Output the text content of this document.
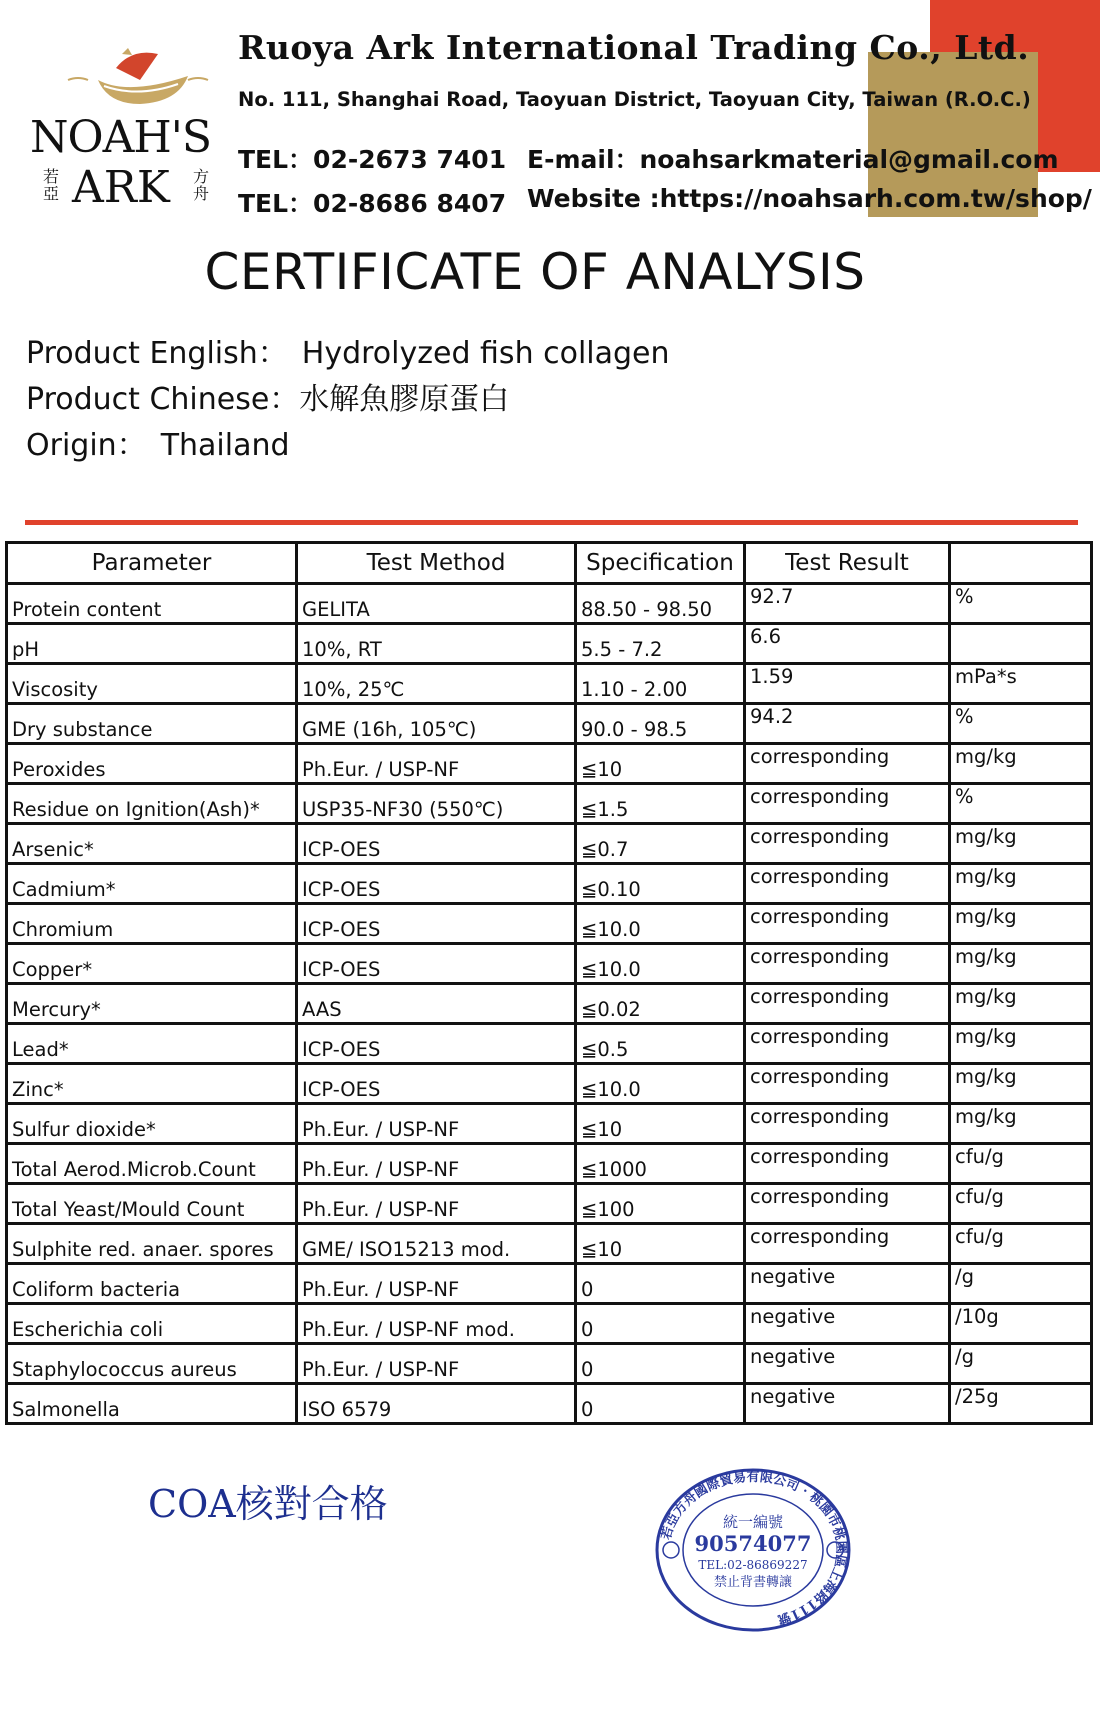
NOAH'S
ARK
若亞
方舟
Ruoya Ark International Trading Co., Ltd.
No. 111, Shanghai Road, Taoyuan District, Taoyuan City, Taiwan (R.O.C.)
TEL：02-2673 7401
TEL：02-8686 8407
E-mail：noahsarkmaterial@gmail.com
Website :https://noahsarh.com.tw/shop/
CERTIFICATE OF ANALYSIS
Product English： Hydrolyzed fish collagen
Product Chinese：水解魚膠原蛋白
Origin： Thailand
Parameter	Test Method	Specification	Test Result	

Protein content	GELITA	88.50 - 98.50	92.7	%

pH	10%, RT	5.5 - 7.2	6.6	

Viscosity	10%, 25℃	1.10 - 2.00	1.59	mPa*s

Dry substance	GME (16h, 105℃)	90.0 - 98.5	94.2	%

Peroxides	Ph.Eur. / USP-NF	≦10	corresponding	mg/kg

Residue on Ignition(Ash)*	USP35-NF30 (550℃)	≦1.5	corresponding	%

Arsenic*	ICP-OES	≦0.7	corresponding	mg/kg

Cadmium*	ICP-OES	≦0.10	corresponding	mg/kg

Chromium	ICP-OES	≦10.0	corresponding	mg/kg

Copper*	ICP-OES	≦10.0	corresponding	mg/kg

Mercury*	AAS	≦0.02	corresponding	mg/kg

Lead*	ICP-OES	≦0.5	corresponding	mg/kg

Zinc*	ICP-OES	≦10.0	corresponding	mg/kg

Sulfur dioxide*	Ph.Eur. / USP-NF	≦10	corresponding	mg/kg

Total Aerod.Microb.Count	Ph.Eur. / USP-NF	≦1000	corresponding	cfu/g

Total Yeast/Mould Count	Ph.Eur. / USP-NF	≦100	corresponding	cfu/g

Sulphite red. anaer. spores	GME/ ISO15213 mod.	≦10	corresponding	cfu/g

Coliform bacteria	Ph.Eur. / USP-NF	0	negative	/g

Escherichia coli	Ph.Eur. / USP-NF mod.	0	negative	/10g

Staphylococcus aureus	Ph.Eur. / USP-NF	0	negative	/g

Salmonella	ISO 6579	0	negative	/25g
COA核對合格
若亞方舟國際貿易有限公司 · 桃園市桃園區上海路111號
統一編號
90574077
TEL:02-86869227
禁止背書轉讓
